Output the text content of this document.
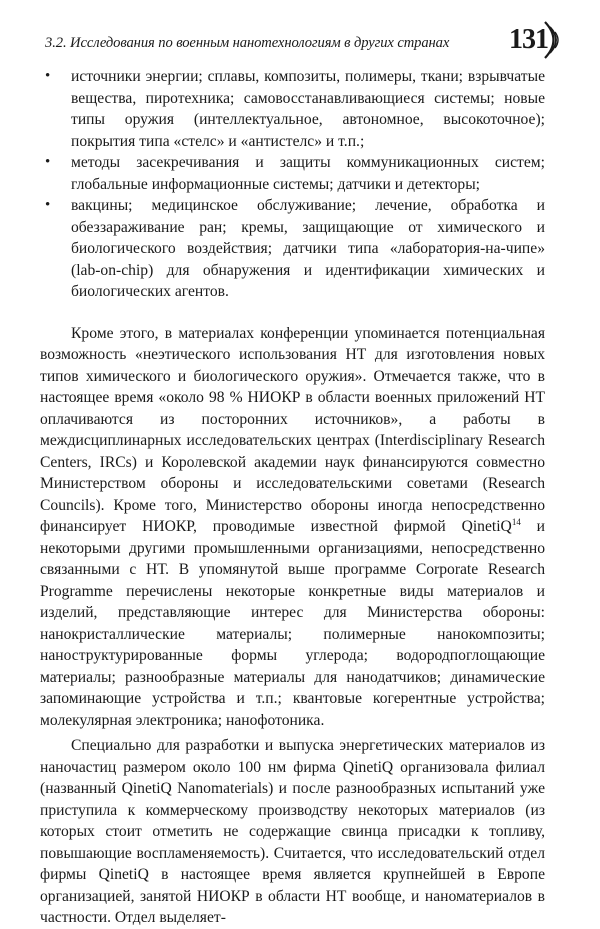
3.2. Исследования по военным нанотехнологиям в других странах	131
• источники энергии; сплавы, композиты, полимеры, ткани; взрывчатые вещества, пиротехника; самовосстанавливающиеся системы; новые типы оружия (интеллектуальное, автономное, высокоточное); покрытия типа «стелс» и «антистелс» и т.п.;
• методы засекречивания и защиты коммуникационных систем; глобальные информационные системы; датчики и детекторы;
• вакцины; медицинское обслуживание; лечение, обработка и обеззараживание ран; кремы, защищающие от химического и биологического воздействия; датчики типа «лаборатория-на-чипе» (lab-on-chip) для обнаружения и идентификации химических и биологических агентов.

Кроме этого, в материалах конференции упоминается потенциальная возможность «неэтического использования НТ для изготовления новых типов химического и биологического оружия». Отмечается также, что в настоящее время «около 98 % НИОКР в области военных приложений НТ оплачиваются из посторонних источников», а работы в междисциплинарных исследовательских центрах (Interdisciplinary Research Centers, IRCs) и Королевской академии наук финансируются совместно Министерством обороны и исследовательскими советами (Research Councils). Кроме того, Министерство обороны иногда непосредственно финансирует НИОКР, проводимые известной фирмой QinetiQ$^{14}$ и некоторыми другими промышленными организациями, непосредственно связанными с НТ. В упомянутой выше программе Corporate Research Programme перечислены некоторые конкретные виды материалов и изделий, представляющие интерес для Министерства обороны: нанокристаллические материалы; полимерные нанокомпозиты; наноструктурированные формы углерода; водородпоглощающие материалы; разнообразные материалы для нанодатчиков; динамические запоминающие устройства и т.п.; квантовые когерентные устройства; молекулярная электроника; нанофотоника.

Специально для разработки и выпуска энергетических материалов из наночастиц размером около 100 нм фирма QinetiQ организовала филиал (названный QinetiQ Nanomaterials) и после разнообразных испытаний уже приступила к коммерческому производству некоторых материалов (из которых стоит отметить не содержащие свинца присадки к топливу, повышающие воспламеняемость). Считается, что исследовательский отдел фирмы QinetiQ в настоящее время является крупнейшей в Европе организацией, занятой НИОКР в области НТ вообще, и наноматериалов в частности. Отдел выделяет-
